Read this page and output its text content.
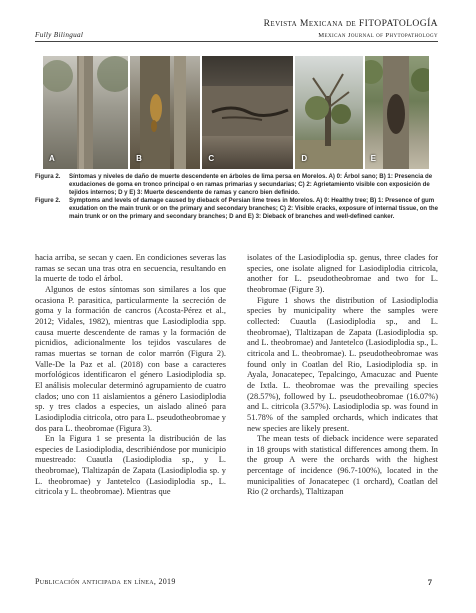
Fully Bilingual
Revista Mexicana de FITOPATOLOGÍA
Mexican Journal of Phytopathology
A	B	C	D	E
Figura 2.	Síntomas y niveles de daño de muerte descendente en árboles de lima persa en Morelos. A) 0: Árbol sano; B) 1: Presencia de exudaciones de goma en tronco principal o en ramas primarias y secundarias; C) 2: Agrietamiento visible con exposición de tejidos internos; D y E) 3: Muerte descendente de ramas y cancro bien definido.
Figure 2.	Symptoms and levels of damage caused by dieback of Persian lime trees in Morelos. A) 0: Healthy tree; B) 1: Presence of gum exudation on the main trunk or on the primary and secondary branches; C) 2: Visible cracks, exposure of internal tissue, on the main trunk or on the primary and secondary branches; D and E) 3: Dieback of branches and well-defined canker.

hacia arriba, se secan y caen. En condiciones severas las ramas se secan una tras otra en secuencia, resultando en la muerte de todo el árbol.

Algunos de estos síntomas son similares a los que ocasiona P. parasitica, particularmente la secreción de goma y la formación de cancros (Acosta-Pérez et al., 2012; Vidales, 1982), mientras que Lasiodiplodia spp. causa muerte descendente de ramas y la formación de picnidios, adicionalmente los tejidos vasculares de ramas muertas se tornan de color marrón (Figura 2). Valle-De la Paz et al. (2018) con base a caracteres morfológicos identificaron el género Lasiodiplodia sp. El análisis molecular determinó agrupamiento de cuatro clados; uno con 11 aislamientos a género Lasiodiplodia sp. y tres clados a especies, un aislado alineó para Lasiodiplodia citricola, otro para L. pseudotheobromae y dos para L. theobromae (Figura 3).

En la Figura 1 se presenta la distribución de las especies de Lasiodiplodia, describiéndose por municipio muestreado: Cuautla (Lasiodiplodia sp., y L. theobromae), Tlaltizapán de Zapata (Lasiodiplodia sp. y L. theobromae) y Jantetelco (Lasiodiplodia sp., L. citricola y L. theobromae). Mientras que

isolates of the Lasiodiplodia sp. genus, three clades for species, one isolate aligned for Lasiodiplodia citricola, another for L. pseudotheobromae and two for L. theobromae (Figure 3).

Figure 1 shows the distribution of Lasiodiplodia species by municipality where the samples were collected: Cuautla (Lasiodiplodia sp., and L. theobromae), Tlaltizapan de Zapata (Lasiodiplodia sp. and L. theobromae) and Jantetelco (Lasiodiplodia sp., L. citricola and L. theobromae). L. pseudotheobromae was found only in Coatlan del Rio, Lasiodiplodia sp. in Ayala, Jonacatepec, Tepalcingo, Amacuzac and Puente de Ixtla. L. theobromae was the prevailing species (28.57%), followed by L. pseudotheobromae (16.07%) and L. citricola (3.57%). Lasiodiplodia sp. was found in 51.78% of the sampled orchards, which indicates that new species are likely present.

The mean tests of dieback incidence were separated in 18 groups with statistical differences among them. In the group A were the orchards with the highest percentage of incidence (96.7-100%), located in the municipalities of Jonacatepec (1 orchard), Coatlan del Rio (2 orchards), Tlaltizapan

Publicación anticipada en línea, 2019	7
